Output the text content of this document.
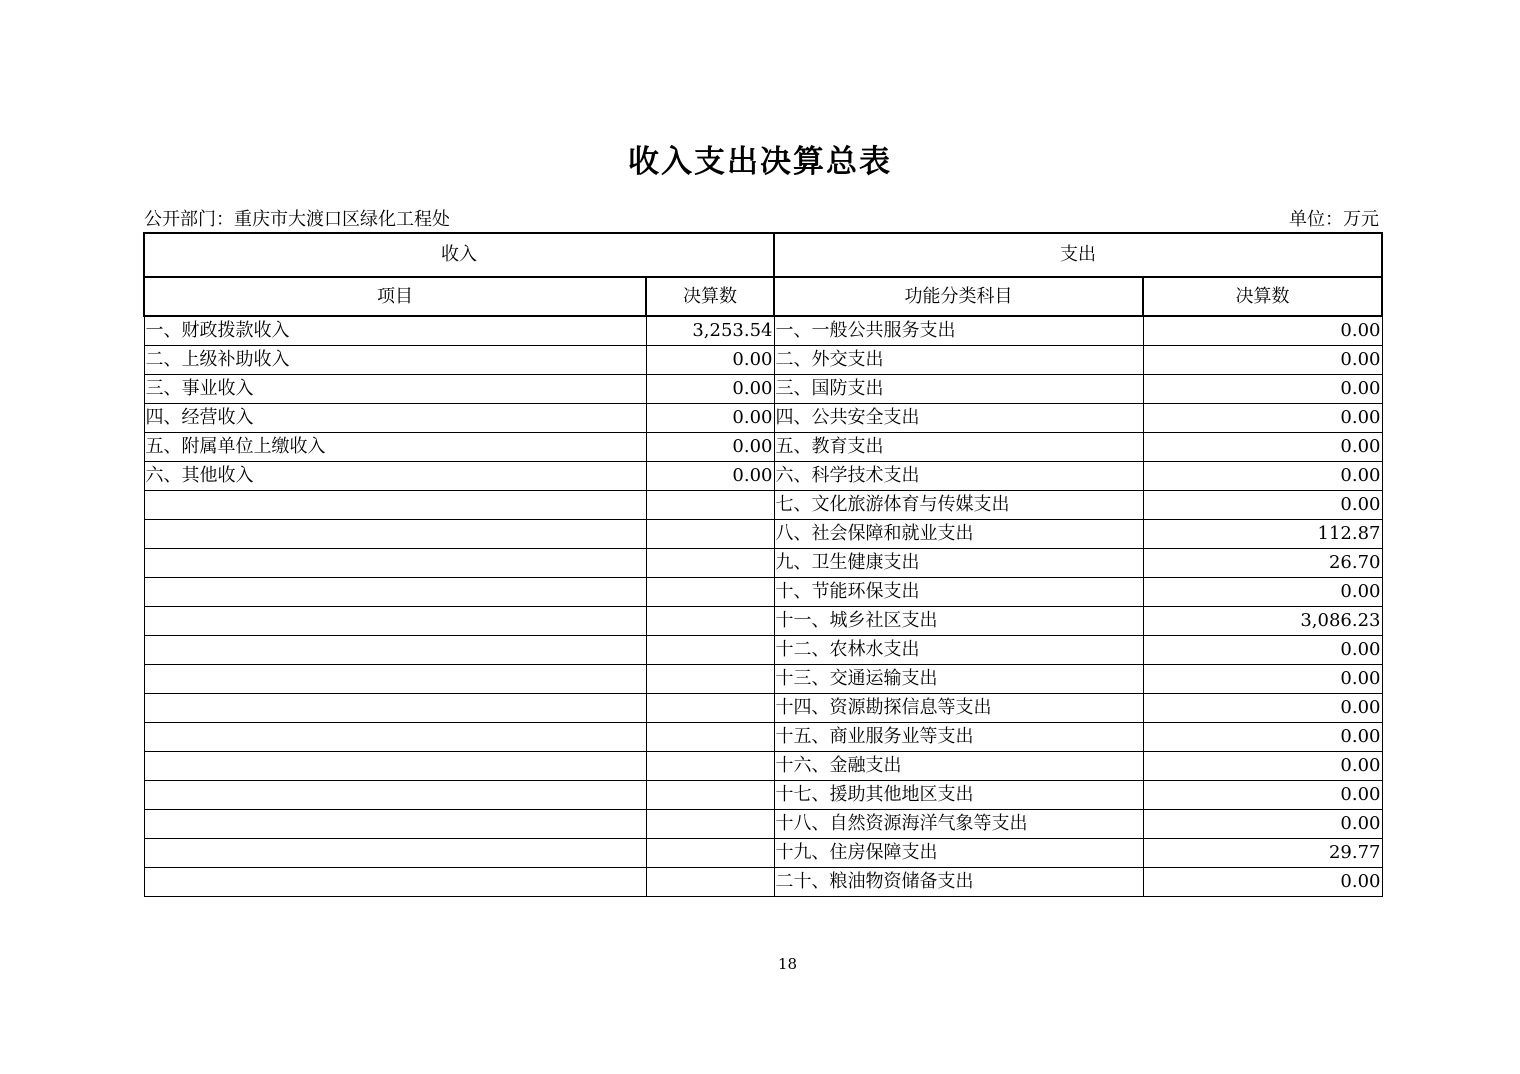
收入支出决算总表
公开部门：重庆市大渡口区绿化工程处	单位：万元
收入		支出	
项目	决算数	功能分类科目	决算数
一、财政拨款收入	3,253.54	一、一般公共服务支出	0.00
二、上级补助收入	0.00	二、外交支出	0.00
三、事业收入	0.00	三、国防支出	0.00
四、经营收入	0.00	四、公共安全支出	0.00
五、附属单位上缴收入	0.00	五、教育支出	0.00
六、其他收入	0.00	六、科学技术支出	0.00
		七、文化旅游体育与传媒支出	0.00
		八、社会保障和就业支出	112.87
		九、卫生健康支出	26.70
		十、节能环保支出	0.00
		十一、城乡社区支出	3,086.23
		十二、农林水支出	0.00
		十三、交通运输支出	0.00
		十四、资源勘探信息等支出	0.00
		十五、商业服务业等支出	0.00
		十六、金融支出	0.00
		十七、援助其他地区支出	0.00
		十八、自然资源海洋气象等支出	0.00
		十九、住房保障支出	29.77
		二十、粮油物资储备支出	0.00
18
